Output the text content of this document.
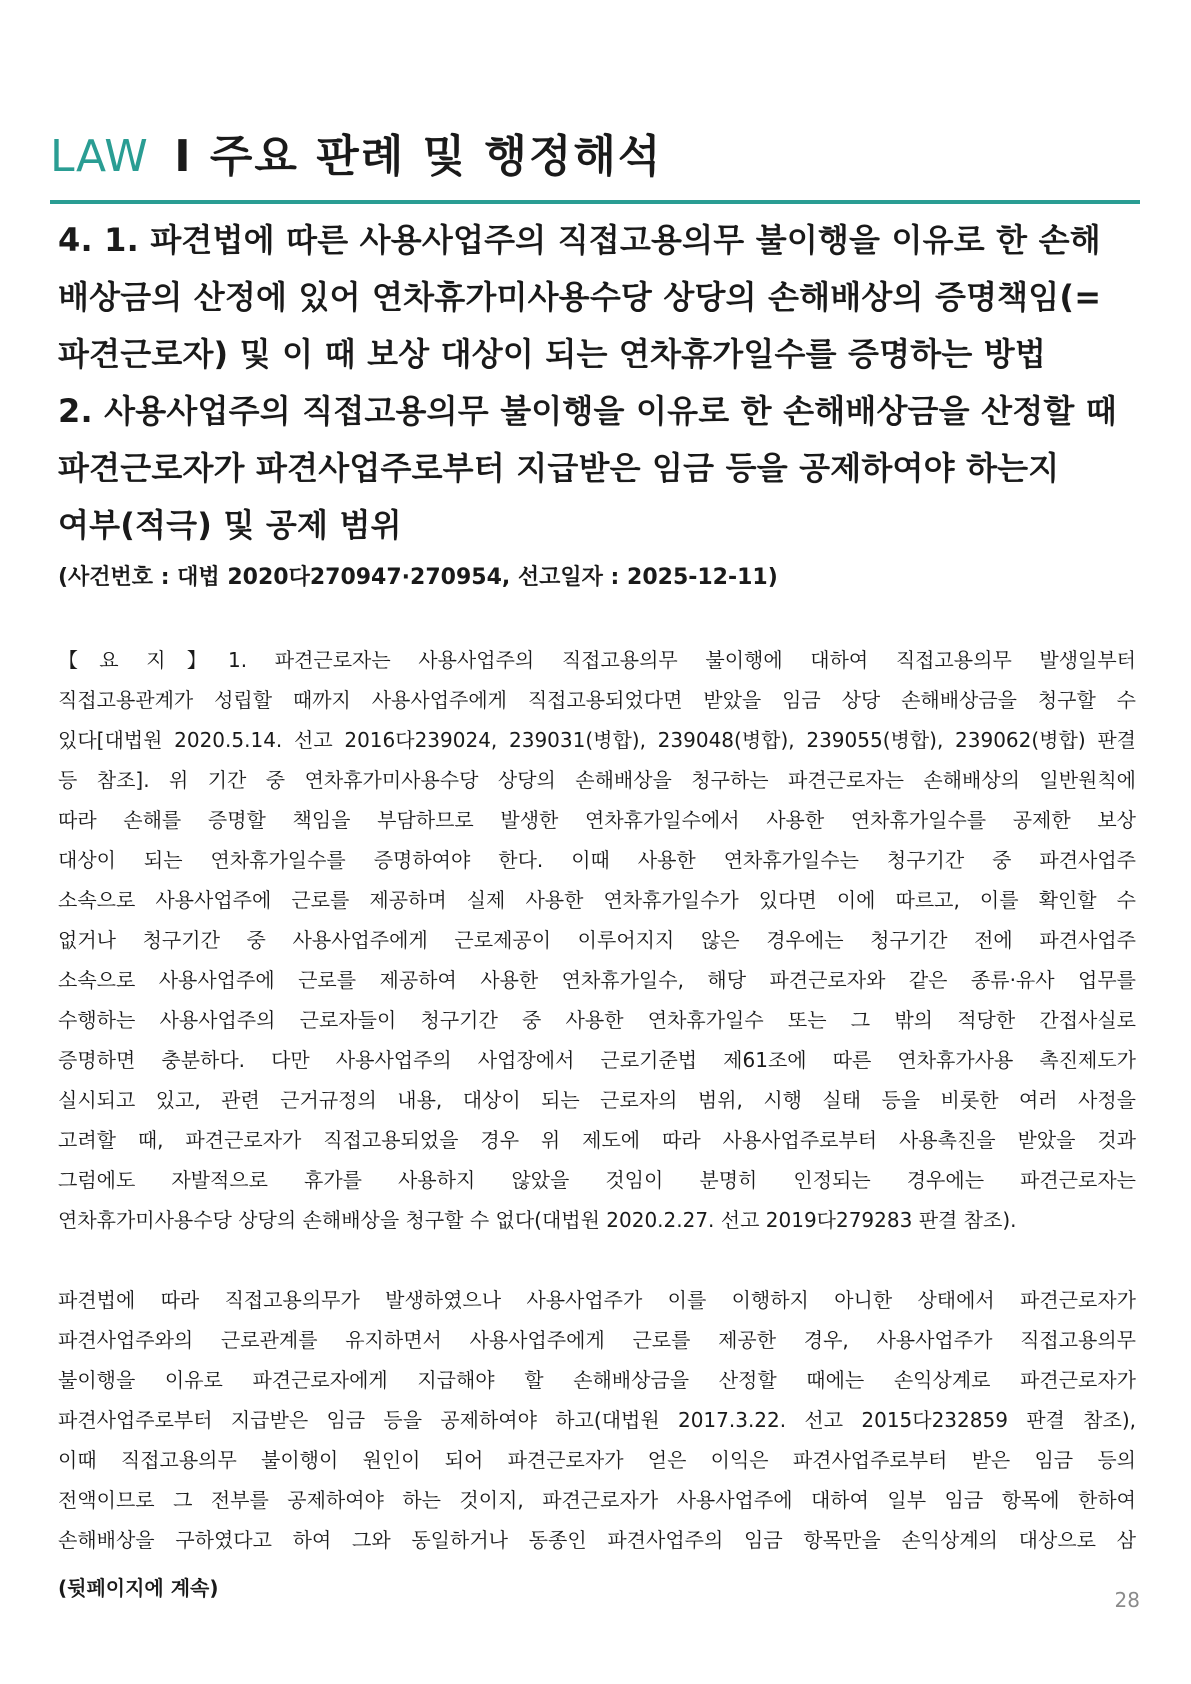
LAW I 주요 판례 및 행정해석
4. 1. 파견법에 따른 사용사업주의 직접고용의무 불이행을 이유로 한 손해
배상금의 산정에 있어 연차휴가미사용수당 상당의 손해배상의 증명책임(=
파견근로자) 및 이 때 보상 대상이 되는 연차휴가일수를 증명하는 방법
2. 사용사업주의 직접고용의무 불이행을 이유로 한 손해배상금을 산정할 때
파견근로자가 파견사업주로부터 지급받은 임금 등을 공제하여야 하는지
여부(적극) 및 공제 범위
(사건번호 : 대법 2020다270947·270954, 선고일자 : 2025-12-11)
【요 지】1. 파견근로자는 사용사업주의 직접고용의무 불이행에 대하여 직접고용의무 발생일부터
직접고용관계가 성립할 때까지 사용사업주에게 직접고용되었다면 받았을 임금 상당 손해배상금을 청구할 수
있다[대법원 2020.5.14. 선고 2016다239024, 239031(병합), 239048(병합), 239055(병합), 239062(병합) 판결
등 참조]. 위 기간 중 연차휴가미사용수당 상당의 손해배상을 청구하는 파견근로자는 손해배상의 일반원칙에
따라 손해를 증명할 책임을 부담하므로 발생한 연차휴가일수에서 사용한 연차휴가일수를 공제한 보상
대상이 되는 연차휴가일수를 증명하여야 한다. 이때 사용한 연차휴가일수는 청구기간 중 파견사업주
소속으로 사용사업주에 근로를 제공하며 실제 사용한 연차휴가일수가 있다면 이에 따르고, 이를 확인할 수
없거나 청구기간 중 사용사업주에게 근로제공이 이루어지지 않은 경우에는 청구기간 전에 파견사업주
소속으로 사용사업주에 근로를 제공하여 사용한 연차휴가일수, 해당 파견근로자와 같은 종류·유사 업무를
수행하는 사용사업주의 근로자들이 청구기간 중 사용한 연차휴가일수 또는 그 밖의 적당한 간접사실로
증명하면 충분하다. 다만 사용사업주의 사업장에서 근로기준법 제61조에 따른 연차휴가사용 촉진제도가
실시되고 있고, 관련 근거규정의 내용, 대상이 되는 근로자의 범위, 시행 실태 등을 비롯한 여러 사정을
고려할 때, 파견근로자가 직접고용되었을 경우 위 제도에 따라 사용사업주로부터 사용촉진을 받았을 것과
그럼에도 자발적으로 휴가를 사용하지 않았을 것임이 분명히 인정되는 경우에는 파견근로자는
연차휴가미사용수당 상당의 손해배상을 청구할 수 없다(대법원 2020.2.27. 선고 2019다279283 판결 참조).
파견법에 따라 직접고용의무가 발생하였으나 사용사업주가 이를 이행하지 아니한 상태에서 파견근로자가
파견사업주와의 근로관계를 유지하면서 사용사업주에게 근로를 제공한 경우, 사용사업주가 직접고용의무
불이행을 이유로 파견근로자에게 지급해야 할 손해배상금을 산정할 때에는 손익상계로 파견근로자가
파견사업주로부터 지급받은 임금 등을 공제하여야 하고(대법원 2017.3.22. 선고 2015다232859 판결 참조),
이때 직접고용의무 불이행이 원인이 되어 파견근로자가 얻은 이익은 파견사업주로부터 받은 임금 등의
전액이므로 그 전부를 공제하여야 하는 것이지, 파견근로자가 사용사업주에 대하여 일부 임금 항목에 한하여
손해배상을 구하였다고 하여 그와 동일하거나 동종인 파견사업주의 임금 항목만을 손익상계의 대상으로 삼
(뒷페이지에 계속)	28
